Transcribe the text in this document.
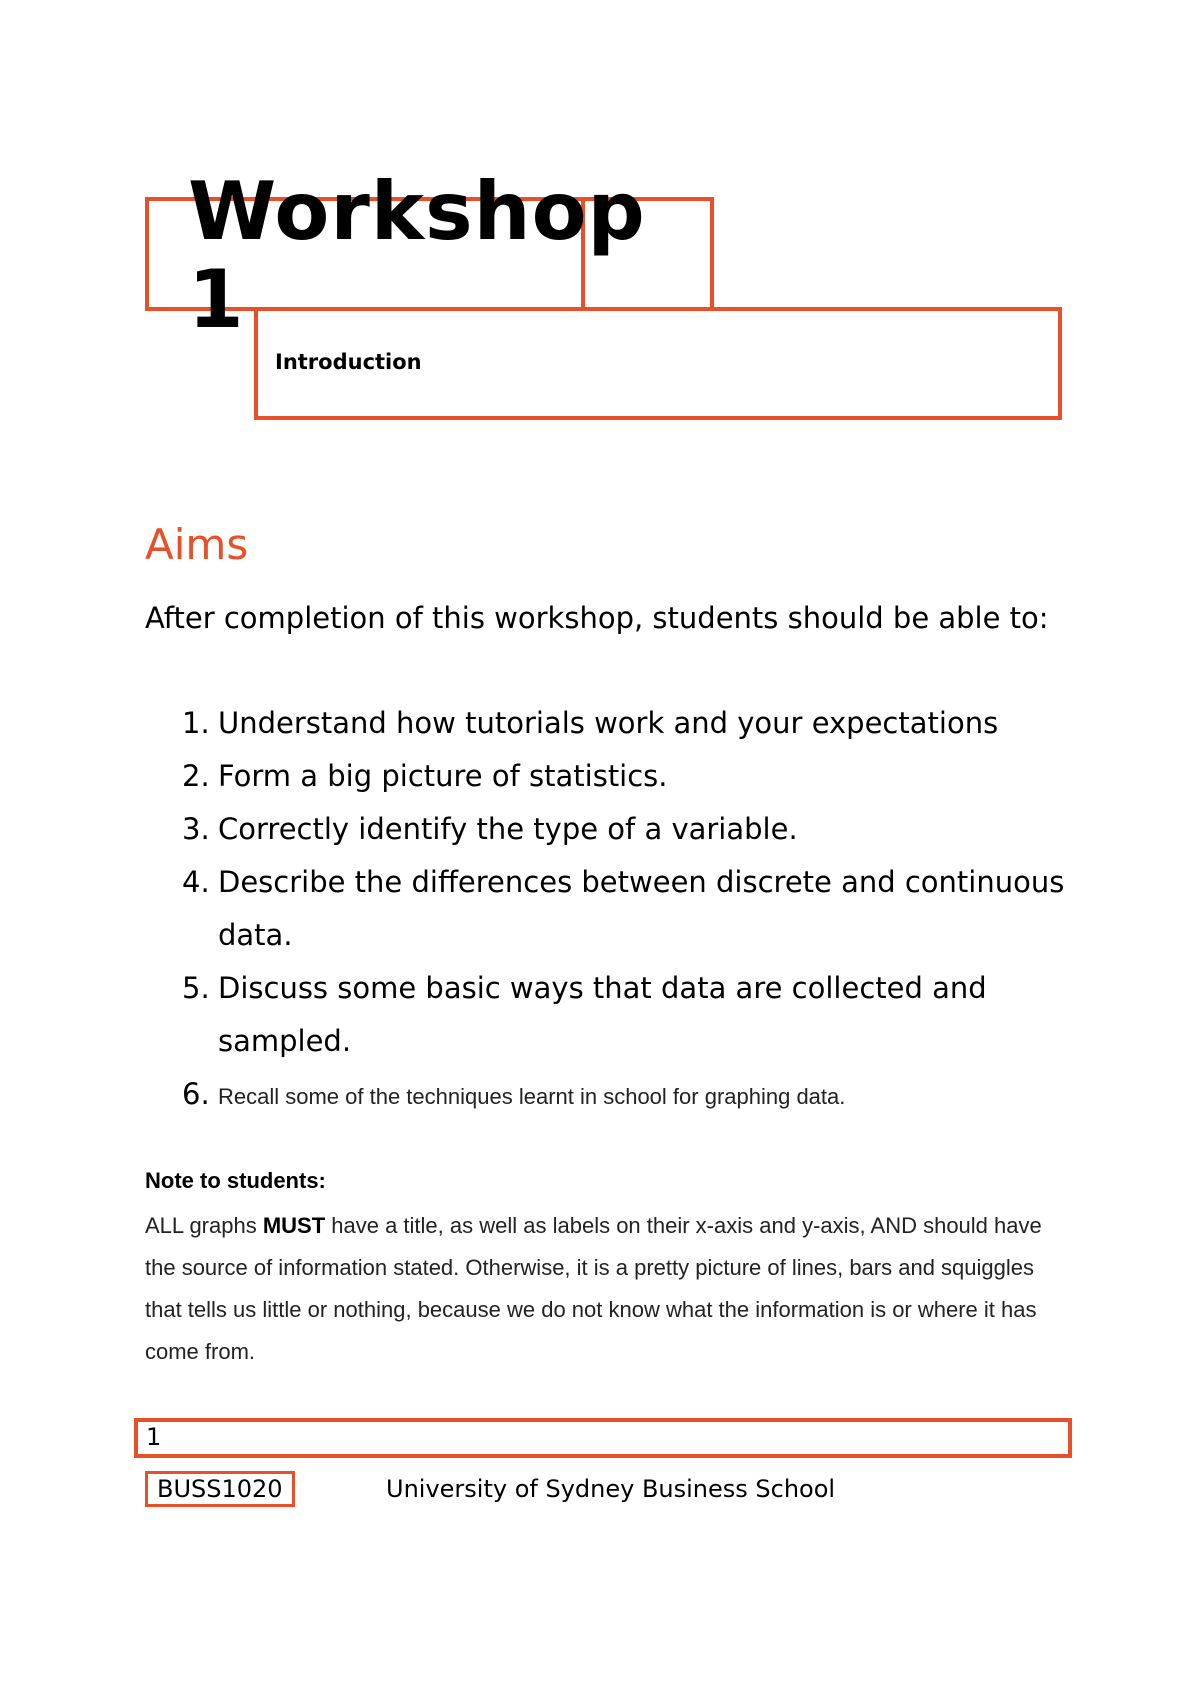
Workshop 1
Introduction
Aims
After completion of this workshop, students should be able to:
1. Understand how tutorials work and your expectations
2. Form a big picture of statistics.
3. Correctly identify the type of a variable.
4. Describe the differences between discrete and continuous data.
5. Discuss some basic ways that data are collected and sampled.
6. Recall some of the techniques learnt in school for graphing data.
Note to students:
ALL graphs MUST have a title, as well as labels on their x-axis and y-axis, AND should have the source of information stated. Otherwise, it is a pretty picture of lines, bars and squiggles that tells us little or nothing, because we do not know what the information is or where it has come from.
1
BUSS1020	University of Sydney Business School
